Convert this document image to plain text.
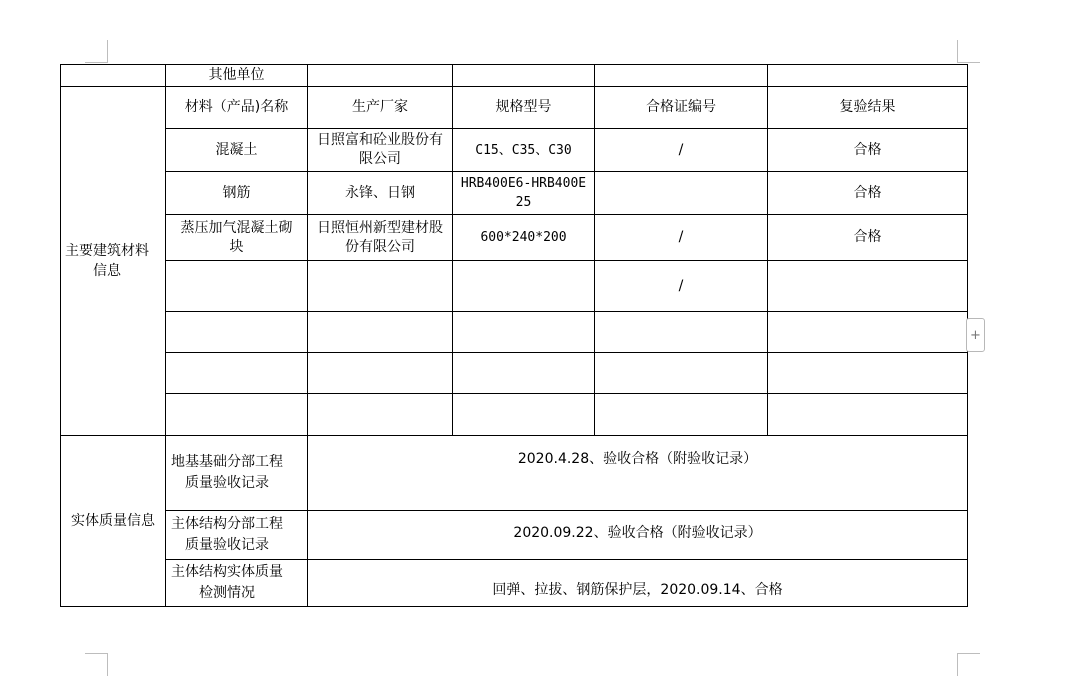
	其他单位				

主要建筑材料信息	材料（产品)名称	生产厂家	规格型号	合格证编号	复验结果
	混凝土	日照富和砼业股份有限公司	C15、C35、C30	/	合格
	钢筋	永锋、日钢	HRB400E6-HRB400E25		合格

	蒸压加气混凝土砌块	日照恒州新型建材股份有限公司	600*240*200	/	合格
				/	

实体质量信息	地基基础分部工程质量验收记录	2020.4.28、验收合格（附验收记录）			

	主体结构分部工程质量验收记录	2020.09.22、验收合格（附验收记录）			

	主体结构实体质量检测情况	回弹、拉拔、钢筋保护层，2020.09.14、合格			
+
